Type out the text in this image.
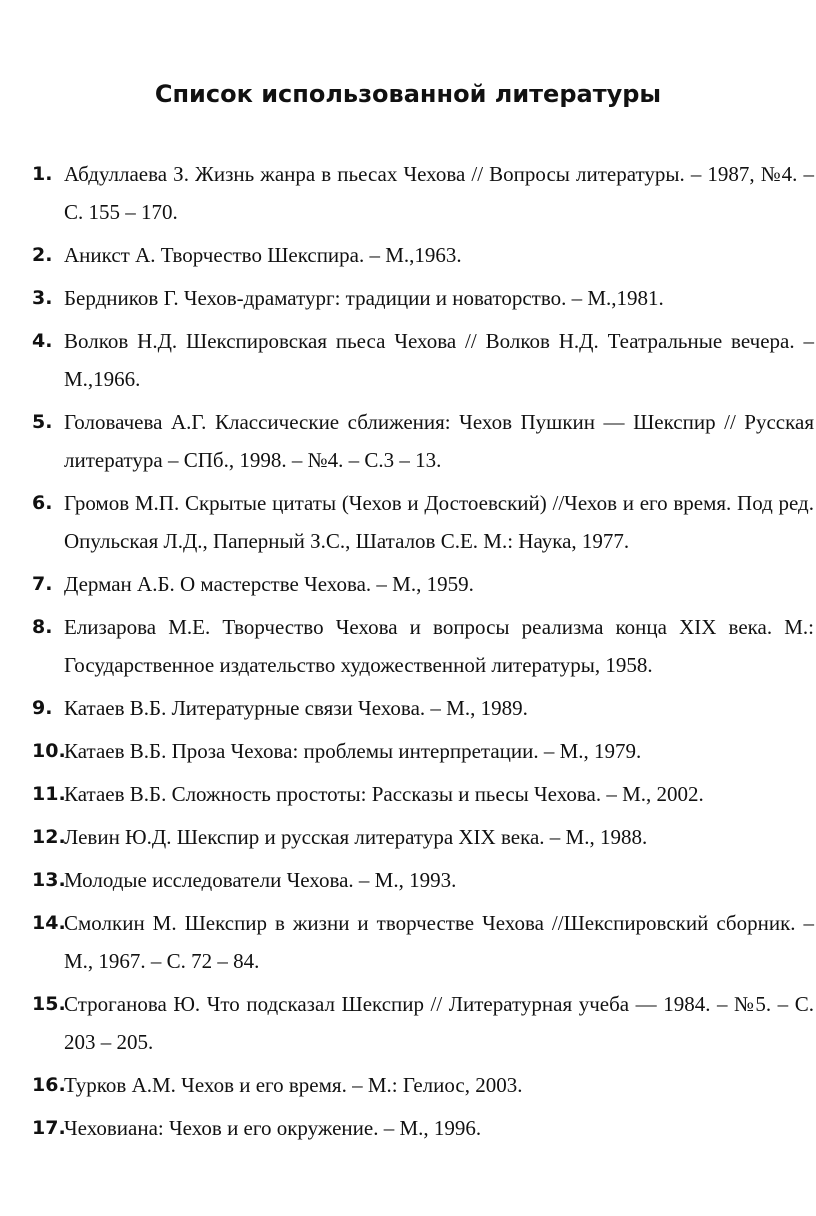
Список использованной литературы
1. Абдуллаева З. Жизнь жанра в пьесах Чехова // Вопросы литературы. ‒ 1987, №4. ‒ С. 155 ‒ 170.
2. Аникст А. Творчество Шекспира. ‒ М.,1963.
3. Бердников Г. Чехов-драматург: традиции и новаторство. ‒ М.,1981.
4. Волков Н.Д. Шекспировская пьеса Чехова // Волков Н.Д. Театральные вечера. ‒ М.,1966.
5. Головачева А.Г. Классические сближения: Чехов Пушкин — Шекспир // Русская литература ‒ СПб., 1998. ‒ №4. ‒ С.3 ‒ 13.
6. Громов М.П. Скрытые цитаты (Чехов и Достоевский) //Чехов и его время. Под ред. Опульская Л.Д., Паперный З.С., Шаталов С.Е. М.: Наука, 1977.
7. Дерман А.Б. О мастерстве Чехова. ‒ М., 1959.
8. Елизарова М.Е. Творчество Чехова и вопросы реализма конца XIX века. М.: Государственное издательство художественной литературы, 1958.
9. Катаев В.Б. Литературные связи Чехова. ‒ М., 1989.
10.
Катаев В.Б. Проза Чехова: проблемы интерпретации. ‒ М., 1979.
11.
Катаев В.Б. Сложность простоты: Рассказы и пьесы Чехова. ‒ М., 2002.
12.
Левин Ю.Д. Шекспир и русская литература XIX века. ‒ М., 1988.
13.
Молодые исследователи Чехова. ‒ М., 1993.
14.
Смолкин М. Шекспир в жизни и творчестве Чехова //Шекспировский сборник. ‒ М., 1967. ‒ С. 72 ‒ 84.
15.
Строганова Ю. Что подсказал Шекспир // Литературная учеба — 1984. ‒ №5. ‒ С. 203 ‒ 205.
16.
Турков А.М. Чехов и его время. ‒ М.: Гелиос, 2003.
17.
Чеховиана: Чехов и его окружение. ‒ М., 1996.
